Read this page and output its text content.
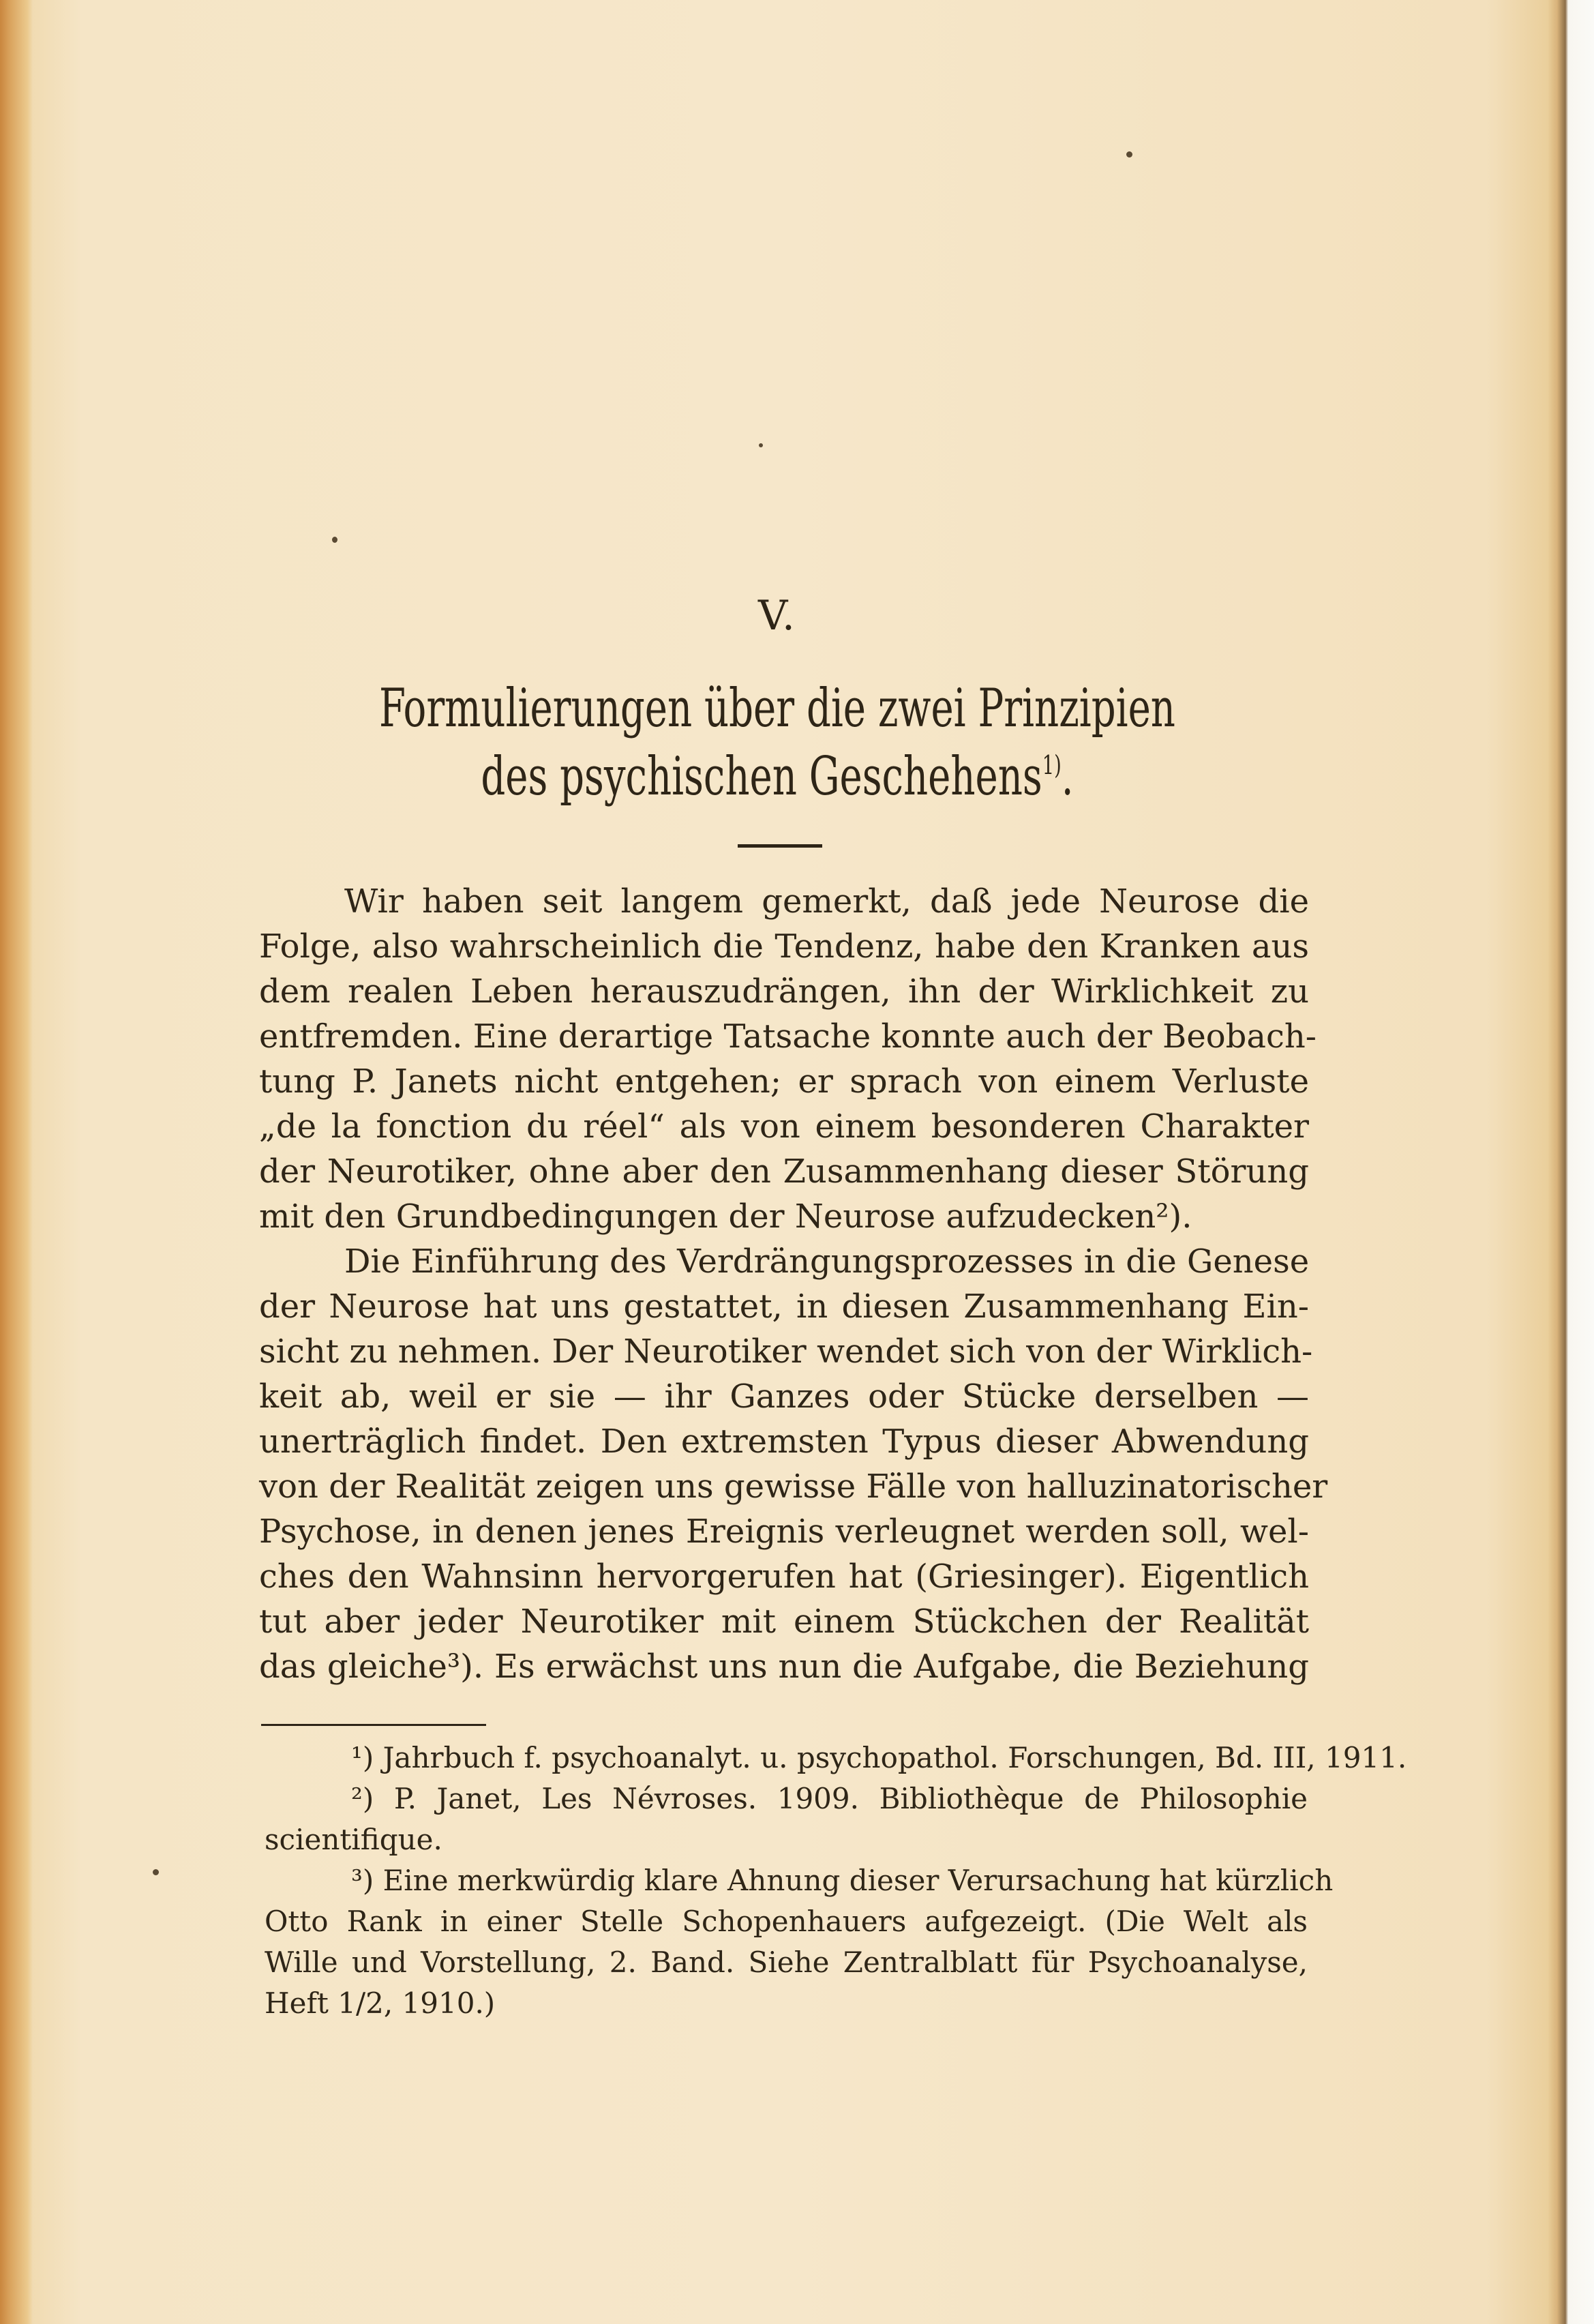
V.
Formulierungen über die zwei Prinzipien
des psychischen Geschehens$^{1)}$.
Wir haben seit langem gemerkt, daß jede Neurose die
Folge, also wahrscheinlich die Tendenz, habe den Kranken aus
dem realen Leben herauszudrängen, ihn der Wirklichkeit zu
entfremden. Eine derartige Tatsache konnte auch der Beobach-
tung P. Janets nicht entgehen; er sprach von einem Verluste
„de la fonction du réel“ als von einem besonderen Charakter
der Neurotiker, ohne aber den Zusammenhang dieser Störung
mit den Grundbedingungen der Neurose aufzudecken²).
Die Einführung des Verdrängungsprozesses in die Genese
der Neurose hat uns gestattet, in diesen Zusammenhang Ein-
sicht zu nehmen. Der Neurotiker wendet sich von der Wirklich-
keit ab, weil er sie — ihr Ganzes oder Stücke derselben —
unerträglich findet. Den extremsten Typus dieser Abwendung
von der Realität zeigen uns gewisse Fälle von halluzinatorischer
Psychose, in denen jenes Ereignis verleugnet werden soll, wel-
ches den Wahnsinn hervorgerufen hat (Griesinger). Eigentlich
tut aber jeder Neurotiker mit einem Stückchen der Realität
das gleiche³). Es erwächst uns nun die Aufgabe, die Beziehung
¹) Jahrbuch f. psychoanalyt. u. psychopathol. Forschungen, Bd. III, 1911.
²) P. Janet, Les Névroses. 1909. Bibliothèque de Philosophie
scientifique.
³) Eine merkwürdig klare Ahnung dieser Verursachung hat kürzlich
Otto Rank in einer Stelle Schopenhauers aufgezeigt. (Die Welt als
Wille und Vorstellung, 2. Band. Siehe Zentralblatt für Psychoanalyse,
Heft 1/2, 1910.)
